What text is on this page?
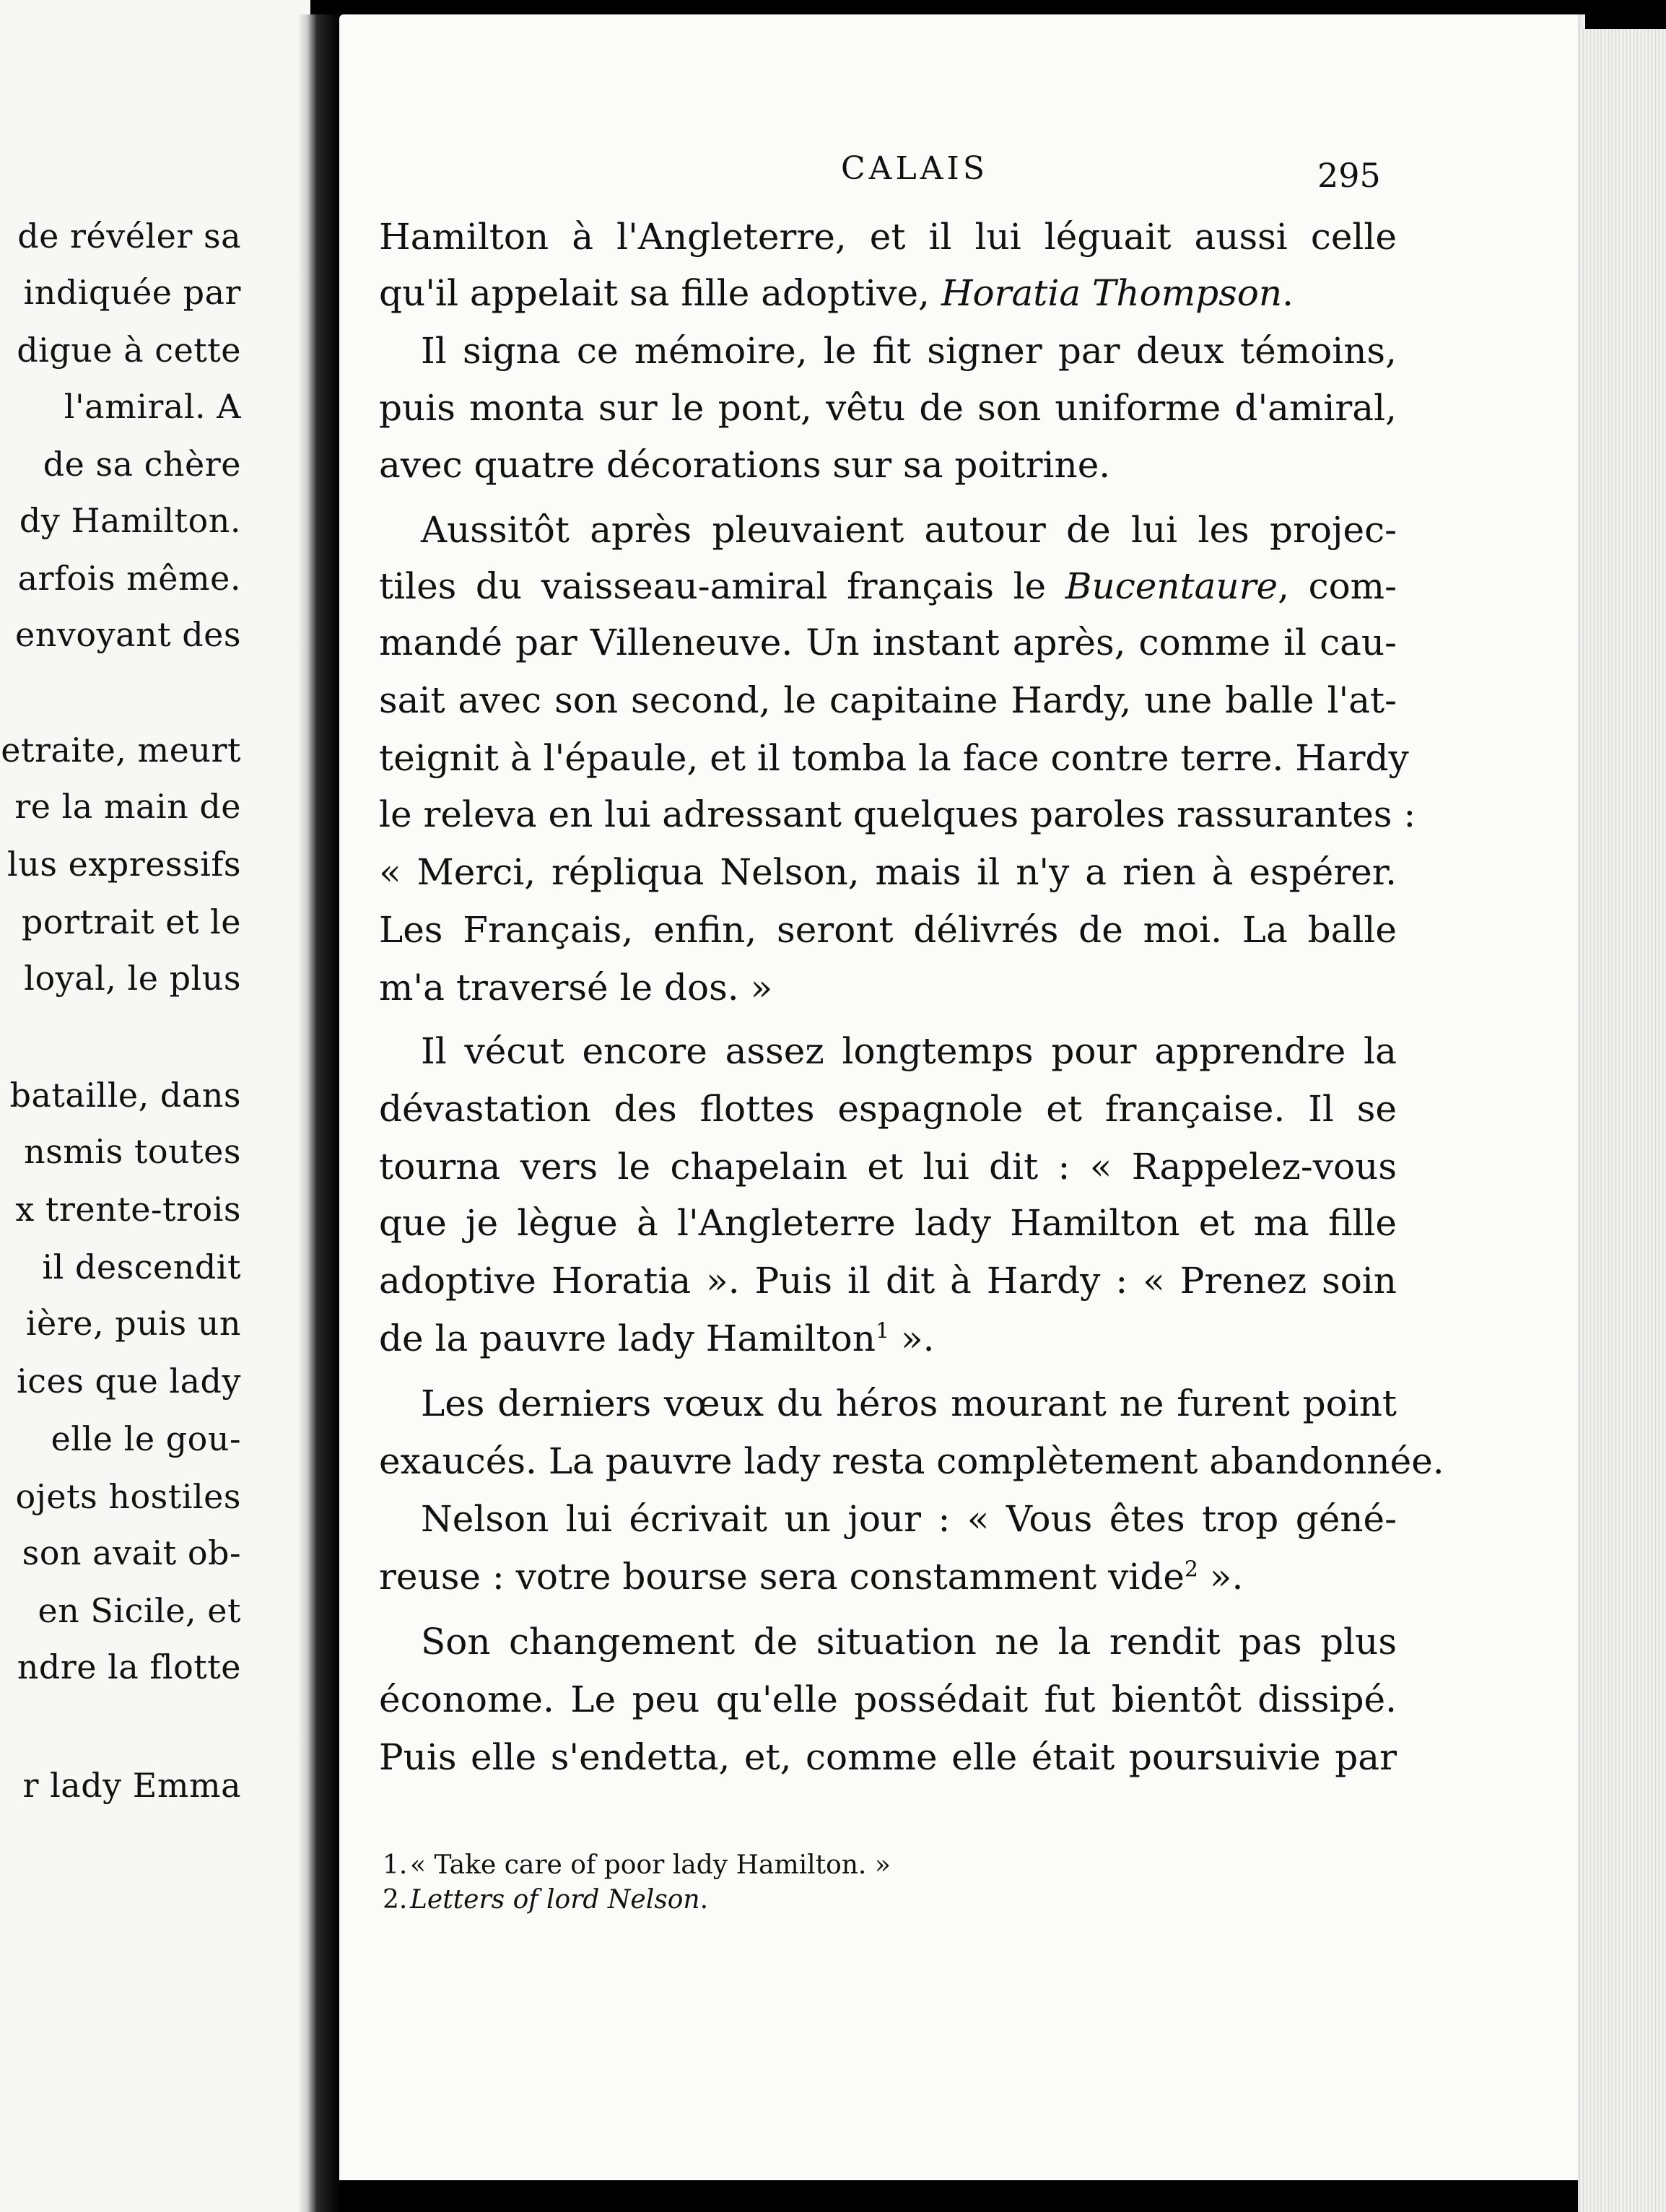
de révéler sa
indiquée par
digue à cette
l'amiral. A
de sa chère
dy Hamilton.
arfois même.
envoyant des
etraite, meurt
re la main de
lus expressifs
portrait et le
loyal, le plus
bataille, dans
nsmis toutes
x trente-trois
il descendit
ière, puis un
ices que lady
elle le gou-
ojets hostiles
son avait ob-
en Sicile, et
ndre la flotte
r lady Emma
CALAIS	295
Hamilton à l'Angleterre, et il lui léguait aussi celle
qu'il appelait sa fille adoptive, Horatia Thompson.
Il signa ce mémoire, le fit signer par deux témoins,
puis monta sur le pont, vêtu de son uniforme d'amiral,
avec quatre décorations sur sa poitrine.
Aussitôt après pleuvaient autour de lui les projec-
tiles du vaisseau-amiral français le Bucentaure, com-
mandé par Villeneuve. Un instant après, comme il cau-
sait avec son second, le capitaine Hardy, une balle l'at-
teignit à l'épaule, et il tomba la face contre terre. Hardy
le releva en lui adressant quelques paroles rassurantes :
« Merci, répliqua Nelson, mais il n'y a rien à espérer.
Les Français, enfin, seront délivrés de moi. La balle
m'a traversé le dos. »
Il vécut encore assez longtemps pour apprendre la
dévastation des flottes espagnole et française. Il se
tourna vers le chapelain et lui dit : « Rappelez-vous
que je lègue à l'Angleterre lady Hamilton et ma fille
adoptive Horatia ». Puis il dit à Hardy : « Prenez soin
de la pauvre lady Hamilton$^1$ ».
Les derniers vœux du héros mourant ne furent point
exaucés. La pauvre lady resta complètement abandonnée.
Nelson lui écrivait un jour : « Vous êtes trop géné-
reuse : votre bourse sera constamment vide$^2$ ».
Son changement de situation ne la rendit pas plus
économe. Le peu qu'elle possédait fut bientôt dissipé.
Puis elle s'endetta, et, comme elle était poursuivie par
1. « Take care of poor lady Hamilton. »
2. Letters of lord Nelson.
